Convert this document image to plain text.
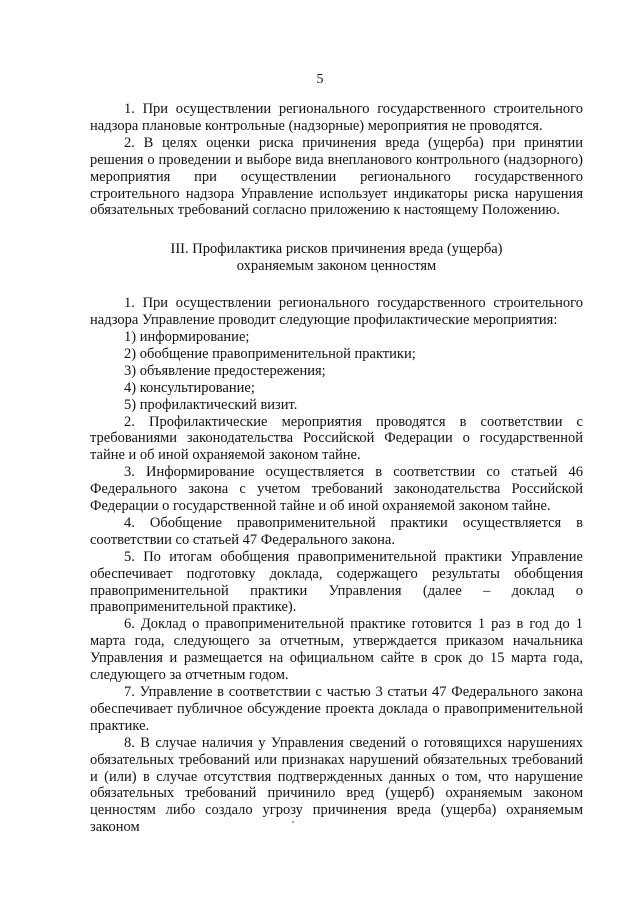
5

1. При осуществлении регионального государственного строительного надзора плановые контрольные (надзорные) мероприятия не проводятся.

2. В целях оценки риска причинения вреда (ущерба) при принятии решения о проведении и выборе вида внепланового контрольного (надзорного) мероприятия при осуществлении регионального государственного строительного надзора Управление использует индикаторы риска нарушения обязательных требований согласно приложению к настоящему Положению.

III. Профилактика рисков причинения вреда (ущерба)
охраняемым законом ценностям

1. При осуществлении регионального государственного строительного надзора Управление проводит следующие профилактические мероприятия:

1) информирование;

2) обобщение правоприменительной практики;

3) объявление предостережения;

4) консультирование;

5) профилактический визит.

2. Профилактические мероприятия проводятся в соответствии с требованиями законодательства Российской Федерации о государственной тайне и об иной охраняемой законом тайне.

3. Информирование осуществляется в соответствии со статьей 46 Федерального закона с учетом требований законодательства Российской Федерации о государственной тайне и об иной охраняемой законом тайне.

4. Обобщение правоприменительной практики осуществляется в соответствии со статьей 47 Федерального закона.

5. По итогам обобщения правоприменительной практики Управление обеспечивает подготовку доклада, содержащего результаты обобщения правоприменительной практики Управления (далее – доклад о правоприменительной практике).

6. Доклад о правоприменительной практике готовится 1 раз в год до 1 марта года, следующего за отчетным, утверждается приказом начальника Управления и размещается на официальном сайте в срок до 15 марта года, следующего за отчетным годом.

7. Управление в соответствии с частью 3 статьи 47 Федерального закона обеспечивает публичное обсуждение проекта доклада о правоприменительной практике.

8. В случае наличия у Управления сведений о готовящихся нарушениях обязательных требований или признаках нарушений обязательных требований и (или) в случае отсутствия подтвержденных данных о том, что нарушение обязательных требований причинило вред (ущерб) охраняемым законом ценностям либо создало угрозу причинения вреда (ущерба) охраняемым законом
